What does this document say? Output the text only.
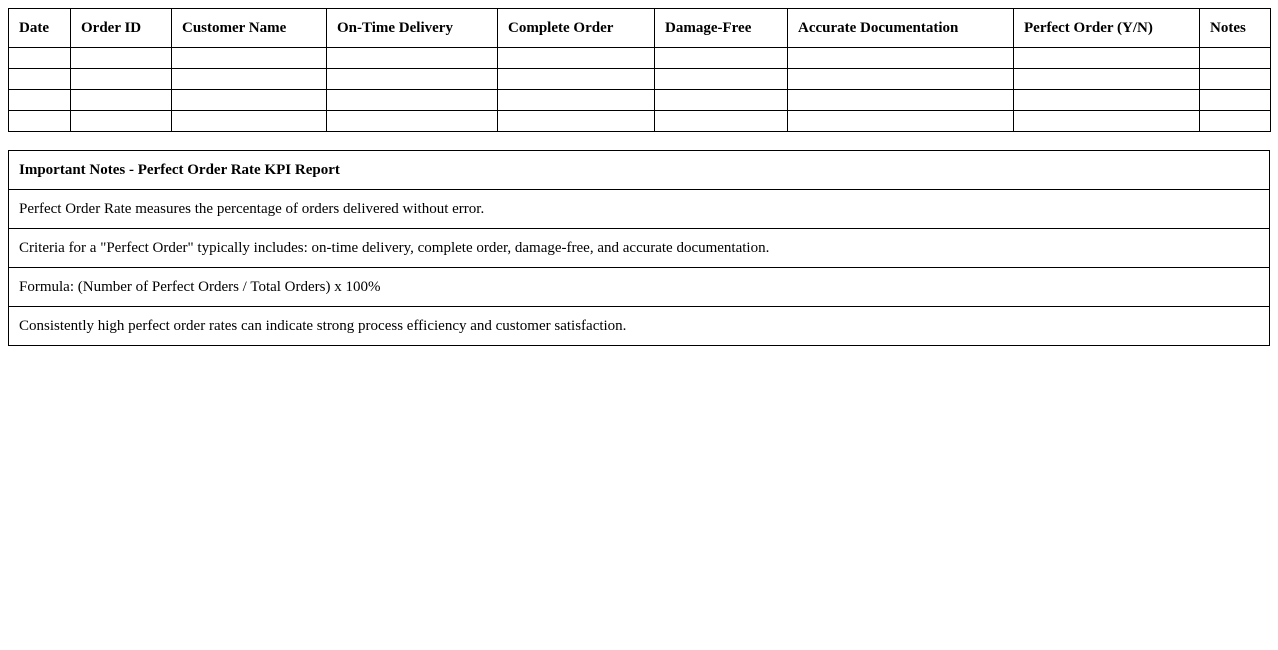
Date	Order ID	Customer Name	On-Time Delivery	Complete Order	Damage-Free	Accurate Documentation	Perfect Order (Y/N)	Notes

Important Notes - Perfect Order Rate KPI Report
Perfect Order Rate measures the percentage of orders delivered without error.
Criteria for a "Perfect Order" typically includes: on-time delivery, complete order, damage-free, and accurate documentation.
Formula: (Number of Perfect Orders / Total Orders) x 100%
Consistently high perfect order rates can indicate strong process efficiency and customer satisfaction.
